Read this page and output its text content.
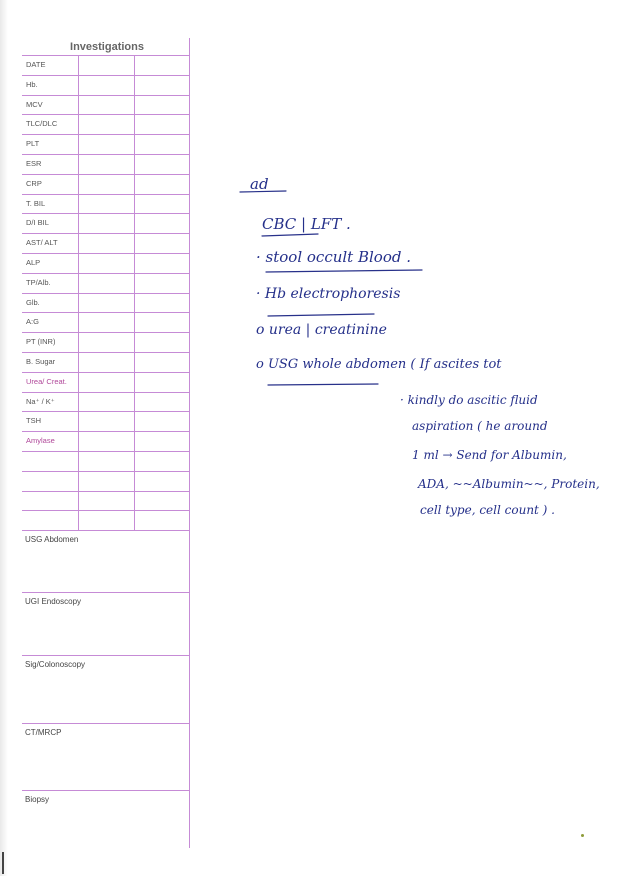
Investigations
DATE
Hb.
MCV
TLC/DLC
PLT
ESR
CRP
T. BIL
D/I BIL
AST/ ALT
ALP
TP/Alb.
Glb.
A:G
PT (INR)
B. Sugar
Urea/ Creat.
Na⁺ / K⁺
TSH
Amylase
USG Abdomen
UGI Endoscopy
Sig/Colonoscopy
CT/MRCP
Biopsy
ad
CBC | LFT .
· stool occult Blood .
· Hb electrophoresis
o urea | creatinine
o USG whole abdomen ( If ascites tot
· kindly do ascitic fluid
aspiration ( he around
1 ml → Send for Albumin,
ADA, ~~Albumin~~, Protein,
cell type, cell count ) .
